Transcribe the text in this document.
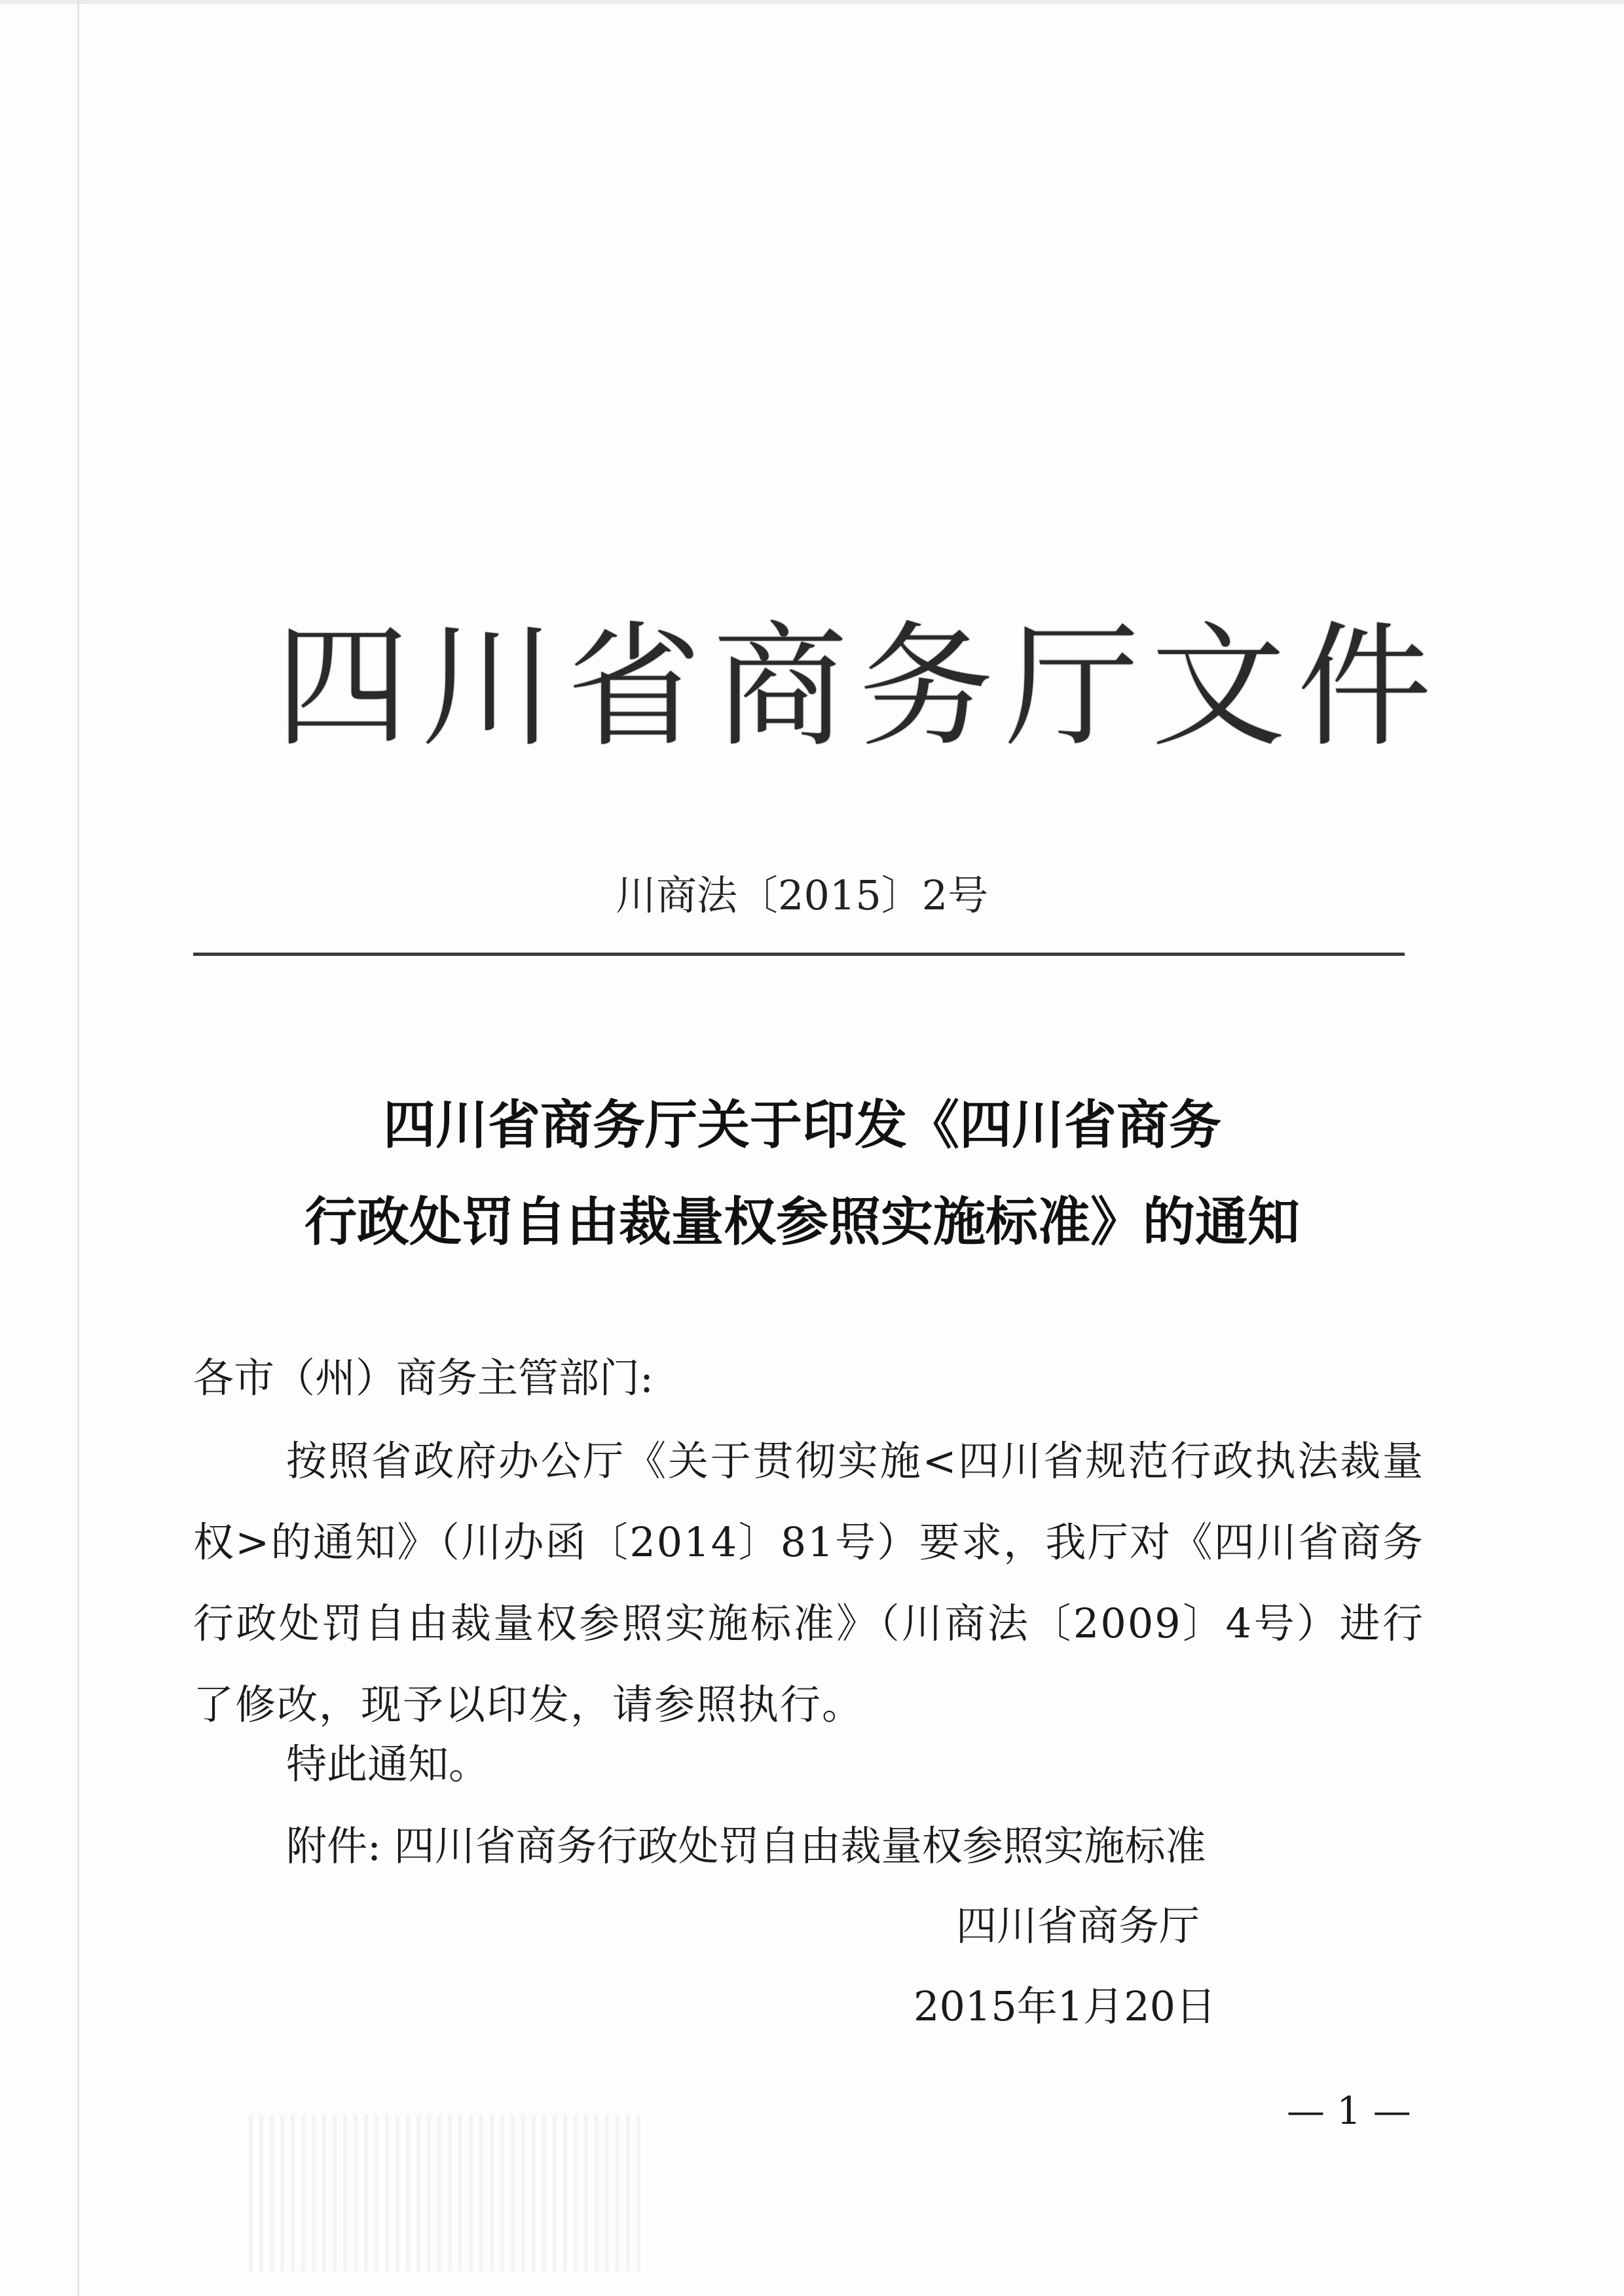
四川省商务厅文件
川商法〔2015〕2号
四川省商务厅关于印发《四川省商务
行政处罚自由裁量权参照实施标准》的通知
各市（州）商务主管部门:
按照省政府办公厅《关于贯彻实施<四川省规范行政执法裁量权>的通知》（川办函〔2014〕81号）要求，我厅对《四川省商务行政处罚自由裁量权参照实施标准》（川商法〔2009〕4号）进行了修改，现予以印发，请参照执行。
特此通知。
附件: 四川省商务行政处罚自由裁量权参照实施标准
四川省商务厅
2015年1月20日
— 1 —
